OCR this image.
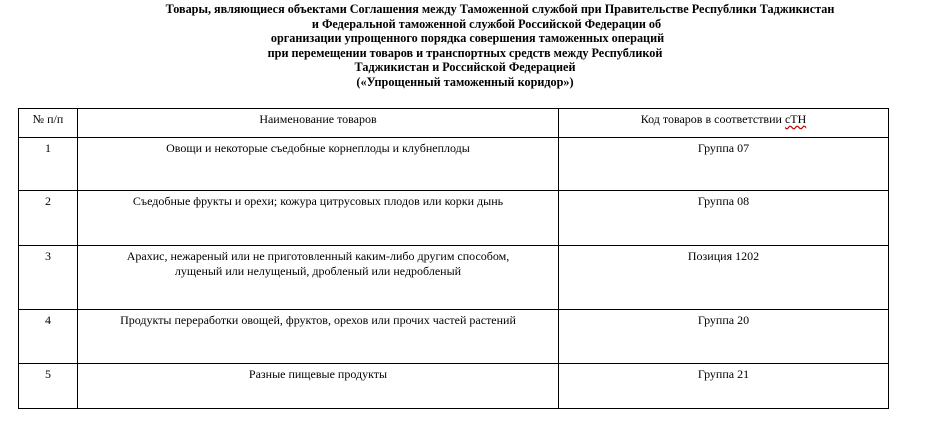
Товары, являющиеся объектами Соглашения между Таможенной службой при Правительстве Республики Таджикистан
и Федеральной таможенной службой Российской Федерации об
организации упрощенного порядка совершения таможенных операций
при перемещении товаров и транспортных средств между Республикой
Таджикистан и Российской Федерацией
(«Упрощенный таможенный коридор»)
№ п/п	Наименование товаров	Код товаров в соответствии сТН
1	Овощи и некоторые съедобные корнеплоды и клубнеплоды	Группа 07
2	Съедобные фрукты и орехи; кожура цитрусовых плодов или корки дынь	Группа 08
3	Арахис, нежареный или не приготовленный каким-либо другим способом,
лущеный или нелущеный, дробленый или недробленый	Позиция 1202
4	Продукты переработки овощей, фруктов, орехов или прочих частей растений	Группа 20
5	Разные пищевые продукты	Группа 21
